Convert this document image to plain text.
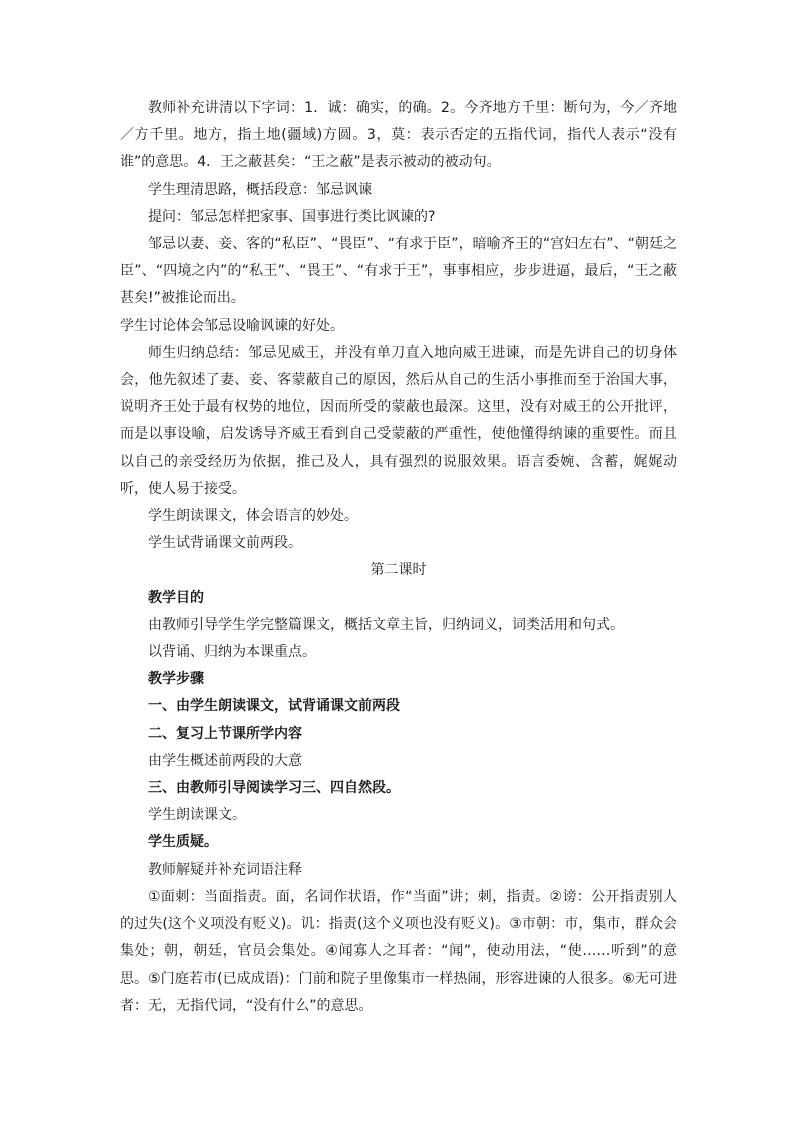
教师补充讲清以下字词：1．诚：确实，的确。2。今齐地方千里：断句为，今／齐地／方千里。地方，指土地(疆域)方圆。3，莫：表示否定的五指代词，指代人表示“没有谁”的意思。4．王之蔽甚矣：“王之蔽”是表示被动的被动句。

学生理清思路，概括段意：邹忌讽谏

提问：邹忌怎样把家事、国事进行类比讽谏的?

邹忌以妻、妾、客的“私臣”、“畏臣”、“有求于臣”，暗喻齐王的“宫妇左右”、“朝廷之臣”、“四境之内”的“私王”、“畏王”、“有求于王”，事事相应，步步进逼，最后，“王之蔽甚矣!”被推论而出。

学生讨论体会邹忌设喻讽谏的好处。

师生归纳总结：邹忌见威王，并没有单刀直入地向威王进谏，而是先讲自己的切身体会，他先叙述了妻、妾、客蒙蔽自己的原因，然后从自己的生活小事推而至于治国大事，说明齐王处于最有权势的地位，因而所受的蒙蔽也最深。这里，没有对威王的公开批评，而是以事设喻，启发诱导齐威王看到自己受蒙蔽的严重性，使他懂得纳谏的重要性。而且以自己的亲受经历为依据，推己及人，具有强烈的说服效果。语言委婉、含蓄，娓娓动听，使人易于接受。

学生朗读课文，体会语言的妙处。

学生试背诵课文前两段。

第二课时

教学目的

由教师引导学生学完整篇课文，概括文章主旨，归纳词义，词类活用和句式。

以背诵、归纳为本课重点。

教学步骤

一、由学生朗读课文，试背诵课文前两段

二、复习上节课所学内容

由学生概述前两段的大意

三、由教师引导阅读学习三、四自然段。

学生朗读课文。

学生质疑。

教师解疑并补充词语注释

①面刺：当面指责。面，名词作状语，作“当面”讲；刺，指责。②谤：公开指责别人的过失(这个义项没有贬义)。讥：指责(这个义项也没有贬义)。③市朝：市，集市，群众会集处；朝，朝廷，官员会集处。④闻寡人之耳者：“闻”，使动用法，“使……听到”的意思。⑤门庭若市(已成成语)：门前和院子里像集市一样热闹，形容进谏的人很多。⑥无可进者：无，无指代词，“没有什么”的意思。
